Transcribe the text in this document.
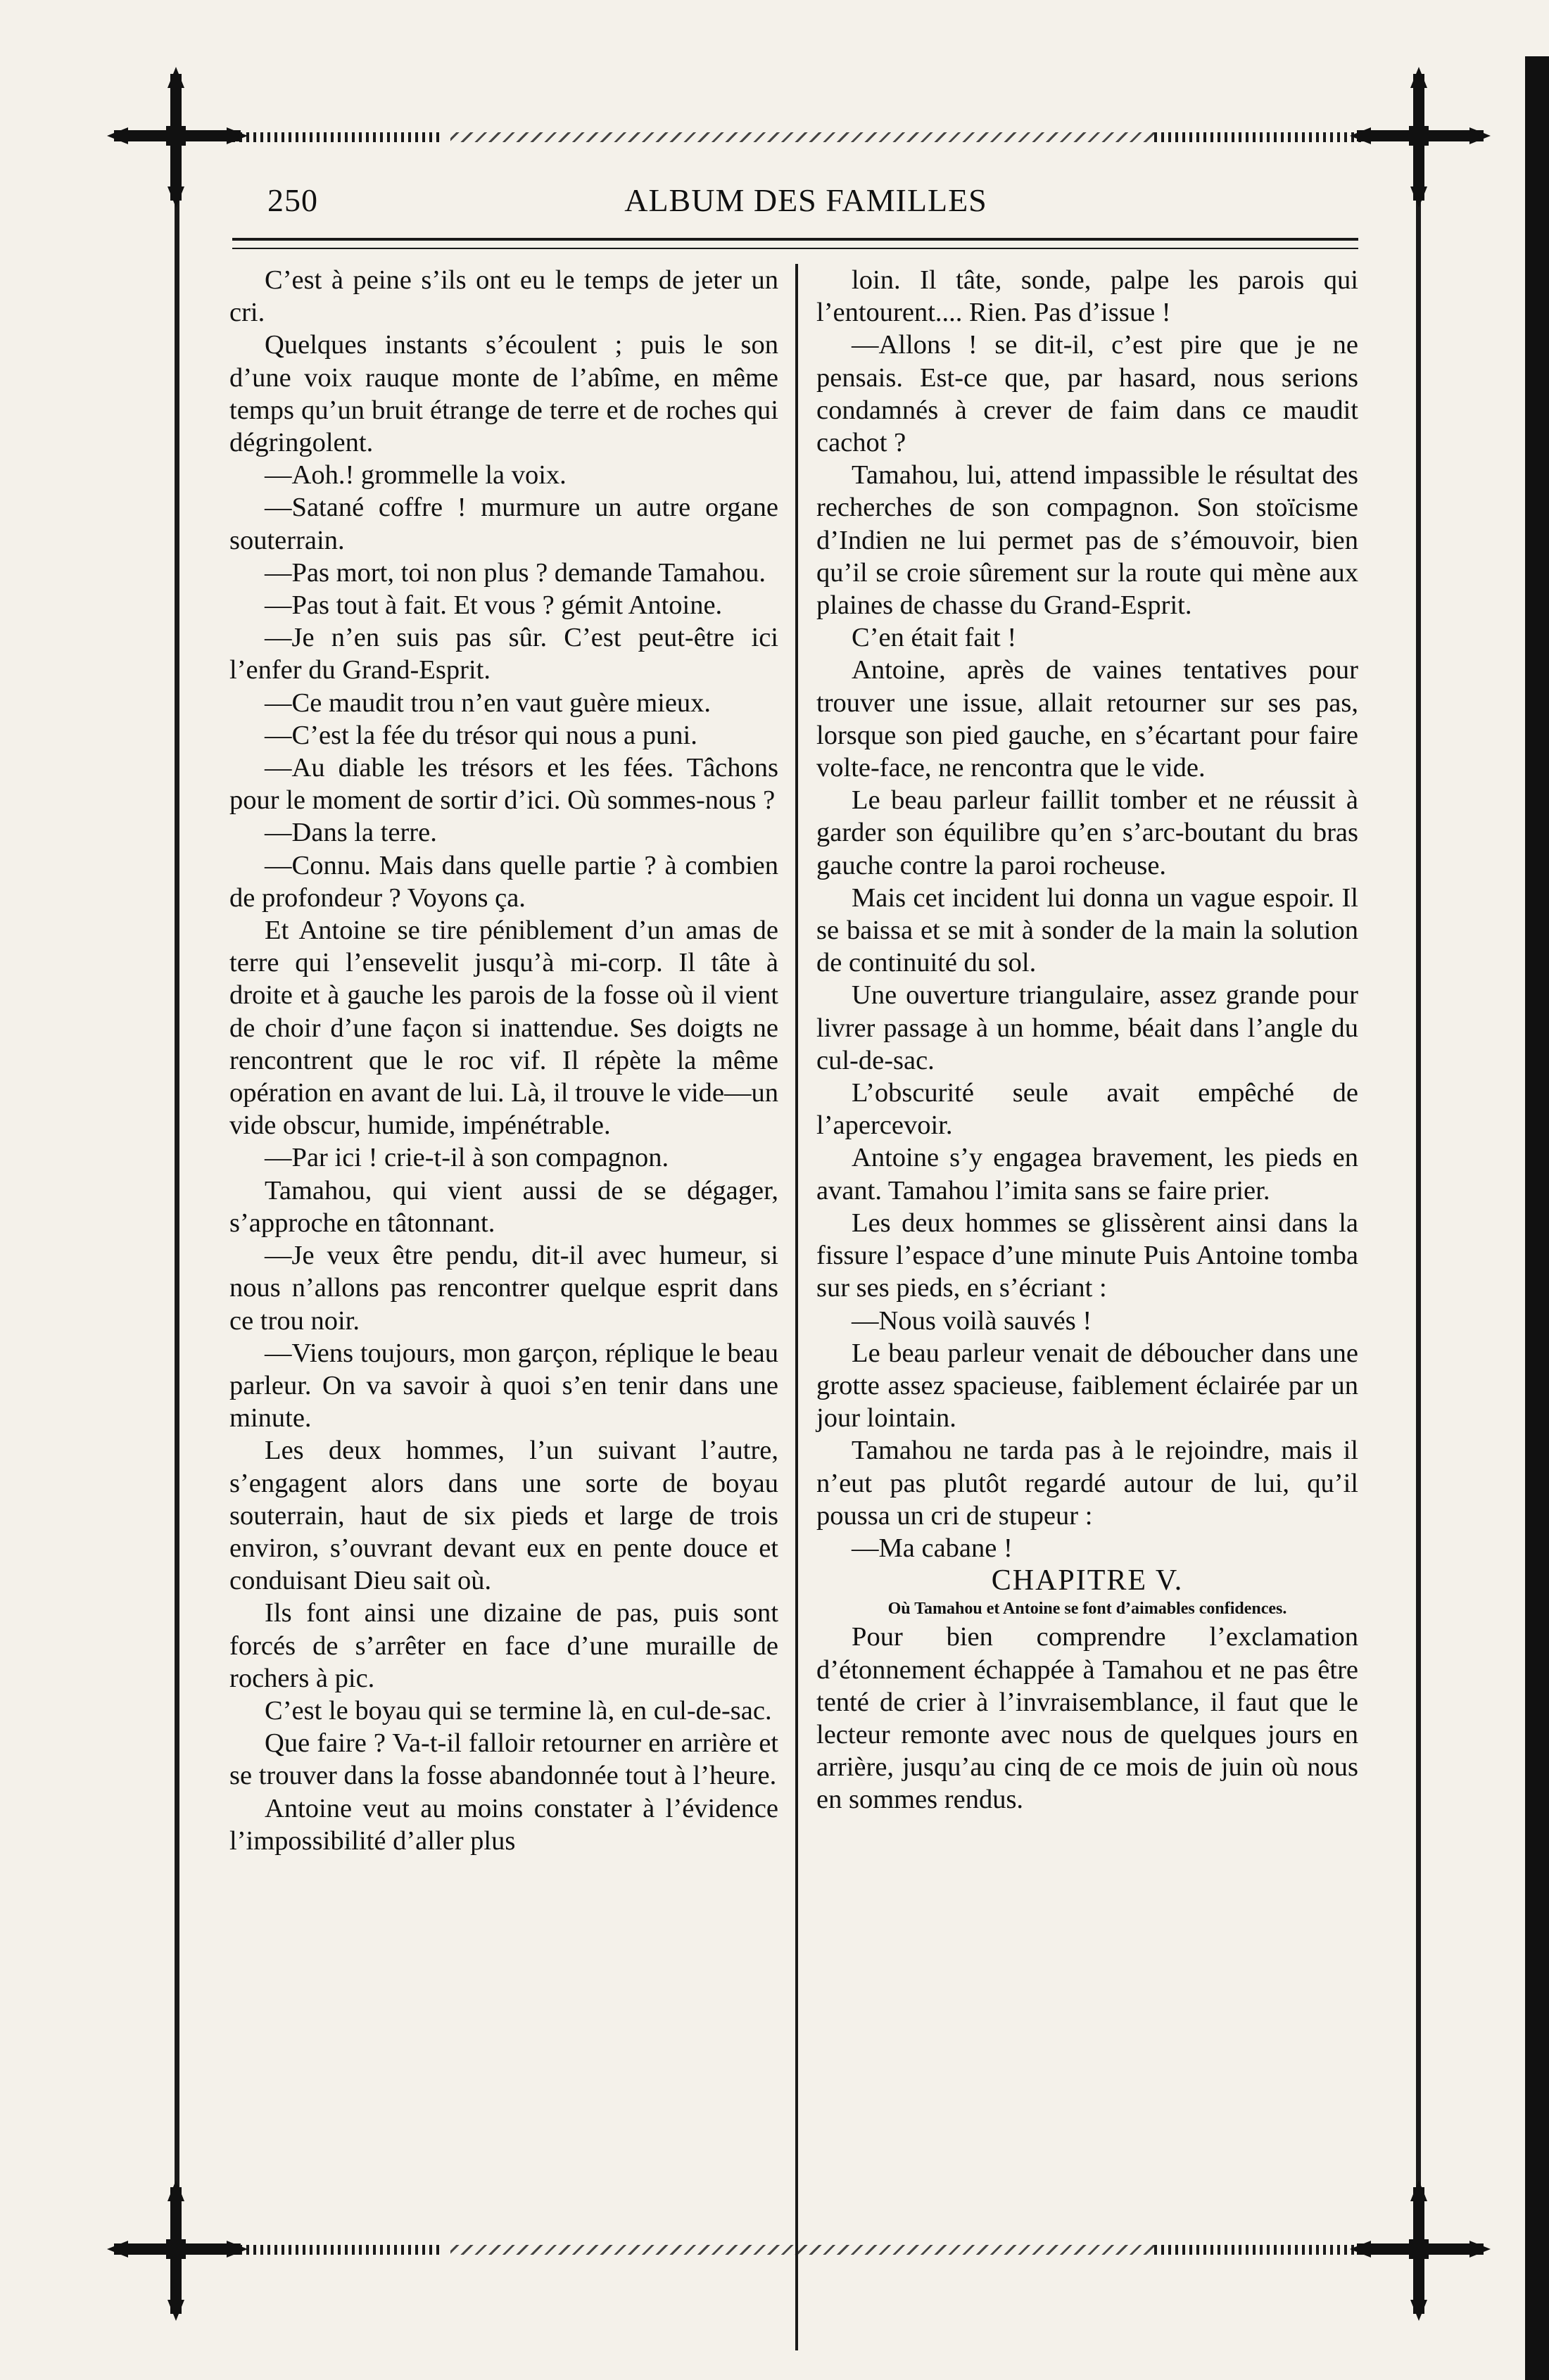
250	ALBUM DES FAMILLES

C’est à peine s’ils ont eu le temps de jeter un cri.

Quelques instants s’écoulent ; puis le son d’une voix rauque monte de l’abîme, en même temps qu’un bruit étrange de terre et de roches qui dégringolent.

—Aoh.! grommelle la voix.

—Satané coffre ! murmure un autre organe souterrain.

—Pas mort, toi non plus ? demande Tamahou.

—Pas tout à fait. Et vous ? gémit Antoine.

—Je n’en suis pas sûr. C’est peut-être ici l’enfer du Grand-Esprit.

—Ce maudit trou n’en vaut guère mieux.

—C’est la fée du trésor qui nous a puni.

—Au diable les trésors et les fées. Tâchons pour le moment de sortir d’ici. Où sommes-nous ?

—Dans la terre.

—Connu. Mais dans quelle partie ? à combien de profondeur ? Voyons ça.

Et Antoine se tire péniblement d’un amas de terre qui l’ensevelit jusqu’à mi-corp. Il tâte à droite et à gauche les parois de la fosse où il vient de choir d’une façon si inattendue. Ses doigts ne rencontrent que le roc vif. Il répète la même opération en avant de lui. Là, il trouve le vide—un vide obscur, humide, impénétrable.

—Par ici ! crie-t-il à son compagnon.

Tamahou, qui vient aussi de se dégager, s’approche en tâtonnant.

—Je veux être pendu, dit-il avec humeur, si nous n’allons pas rencontrer quelque esprit dans ce trou noir.

—Viens toujours, mon garçon, réplique le beau parleur. On va savoir à quoi s’en tenir dans une minute.

Les deux hommes, l’un suivant l’autre, s’engagent alors dans une sorte de boyau souterrain, haut de six pieds et large de trois environ, s’ouvrant devant eux en pente douce et conduisant Dieu sait où.

Ils font ainsi une dizaine de pas, puis sont forcés de s’arrêter en face d’une muraille de rochers à pic.

C’est le boyau qui se termine là, en cul-de-sac.

Que faire ? Va-t-il falloir retourner en arrière et se trouver dans la fosse abandonnée tout à l’heure.

Antoine veut au moins constater à l’évidence l’impossibilité d’aller plus

loin. Il tâte, sonde, palpe les parois qui l’entourent.... Rien. Pas d’issue !

—Allons ! se dit-il, c’est pire que je ne pensais. Est-ce que, par hasard, nous serions condamnés à crever de faim dans ce maudit cachot ?

Tamahou, lui, attend impassible le résultat des recherches de son compagnon. Son stoïcisme d’Indien ne lui permet pas de s’émouvoir, bien qu’il se croie sûrement sur la route qui mène aux plaines de chasse du Grand-Esprit.

C’en était fait !

Antoine, après de vaines tentatives pour trouver une issue, allait retourner sur ses pas, lorsque son pied gauche, en s’écartant pour faire volte-face, ne rencontra que le vide.

Le beau parleur faillit tomber et ne réussit à garder son équilibre qu’en s’arc-boutant du bras gauche contre la paroi rocheuse.

Mais cet incident lui donna un vague espoir. Il se baissa et se mit à sonder de la main la solution de continuité du sol.

Une ouverture triangulaire, assez grande pour livrer passage à un homme, béait dans l’angle du cul-de-sac.

L’obscurité seule avait empêché de l’apercevoir.

Antoine s’y engagea bravement, les pieds en avant. Tamahou l’imita sans se faire prier.

Les deux hommes se glissèrent ainsi dans la fissure l’espace d’une minute Puis Antoine tomba sur ses pieds, en s’écriant :

—Nous voilà sauvés !

Le beau parleur venait de déboucher dans une grotte assez spacieuse, faiblement éclairée par un jour lointain.

Tamahou ne tarda pas à le rejoindre, mais il n’eut pas plutôt regardé autour de lui, qu’il poussa un cri de stupeur :

—Ma cabane !

CHAPITRE V.

Où Tamahou et Antoine se font d’aimables confidences.

Pour bien comprendre l’exclamation d’étonnement échappée à Tamahou et ne pas être tenté de crier à l’invraisemblance, il faut que le lecteur remonte avec nous de quelques jours en arrière, jusqu’au cinq de ce mois de juin où nous en sommes rendus.
